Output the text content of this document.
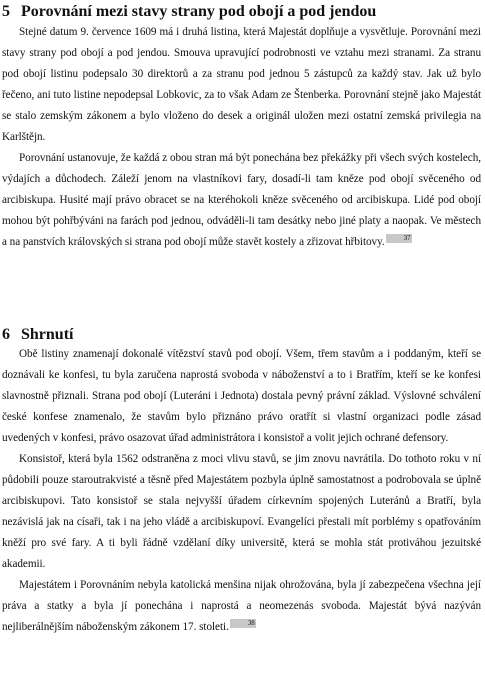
5 Porovnání mezi stavy strany pod obojí a pod jendou

Stejné datum 9. července 1609 má i druhá listina, která Majestát doplňuje a vysvětluje. Porovnání mezi stavy strany pod obojí a pod jendou. Smouva upravující podrobnosti ve vztahu mezi stranami. Za stranu pod obojí listinu podepsalo 30 direktorů a za stranu pod jednou 5 zástupců za každý stav. Jak už bylo řečeno, ani tuto listine nepodepsal Lobkovic, za to však Adam ze Štenberka. Porovnání stejně jako Majestát se stalo zemským zákonem a bylo vloženo do desek a originál uložen mezi ostatní zemská privilegia na Karlštějn.

Porovnání ustanovuje, že každá z obou stran má být ponechána bez překážky při všech svých kostelech, výdajích a důchodech. Záleží jenom na vlastníkovi fary, dosadí-li tam kněze pod obojí svěceného od arcibiskupa. Husité mají právo obracet se na kteréhokoli kněze svěceného od arcibiskupa. Lidé pod obojí mohou být pohřbýváni na farách pod jednou, odváděli-li tam desátky nebo jiné platy a naopak. Ve městech a na panstvích královských si strana pod obojí může stavět kostely a zřizovat hřbitovy.	37

6 Shrnutí

Obě listiny znamenají dokonalé vítězství stavů pod obojí. Všem, třem stavům a i poddaným, kteří se doznávali ke konfesi, tu byla zaručena naprostá svoboda v náboženství a to i Bratřím, kteří se ke konfesi slavnostně přiznali. Strana pod obojí (Luteráni i Jednota) dostala pevný právní základ. Výslovné schválení české konfese znamenalo, že stavům bylo přiznáno právo oratřít si vlastní organizaci podle zásad uvedených v konfesi, právo osazovat úřad administrátora i konsistoř a volit jejich ochrané defensory.

Konsistoř, která byla 1562 odstraněna z moci vlivu stavů, se jim znovu navrátila. Do tothoto roku v ní půdobili pouze staroutrakvisté a těsně před Majestátem pozbyla úplně samostatnost a podrobovala se úplně arcibiskupovi. Tato konsistoř se stala nejvyšší úřadem církevním spojených Luteránů a Bratří, byla nezávislá jak na císaři, tak i na jeho vládě a arcibiskupoví. Evangelíci přestali mít porblémy s opatřováním kněží pro své fary. A ti byli řádně vzdělaní díky universitě, která se mohla stát protiváhou jezuitské akademii.

Majestátem i Porovnáním nebyla katolická menšina nijak ohrožována, byla jí zabezpečena všechna její práva a statky a byla jí ponechána i naprostá a neomezenás svoboda. Majestát bývá nazýván nejliberálnějším náboženským zákonem 17. stoleti.	38
